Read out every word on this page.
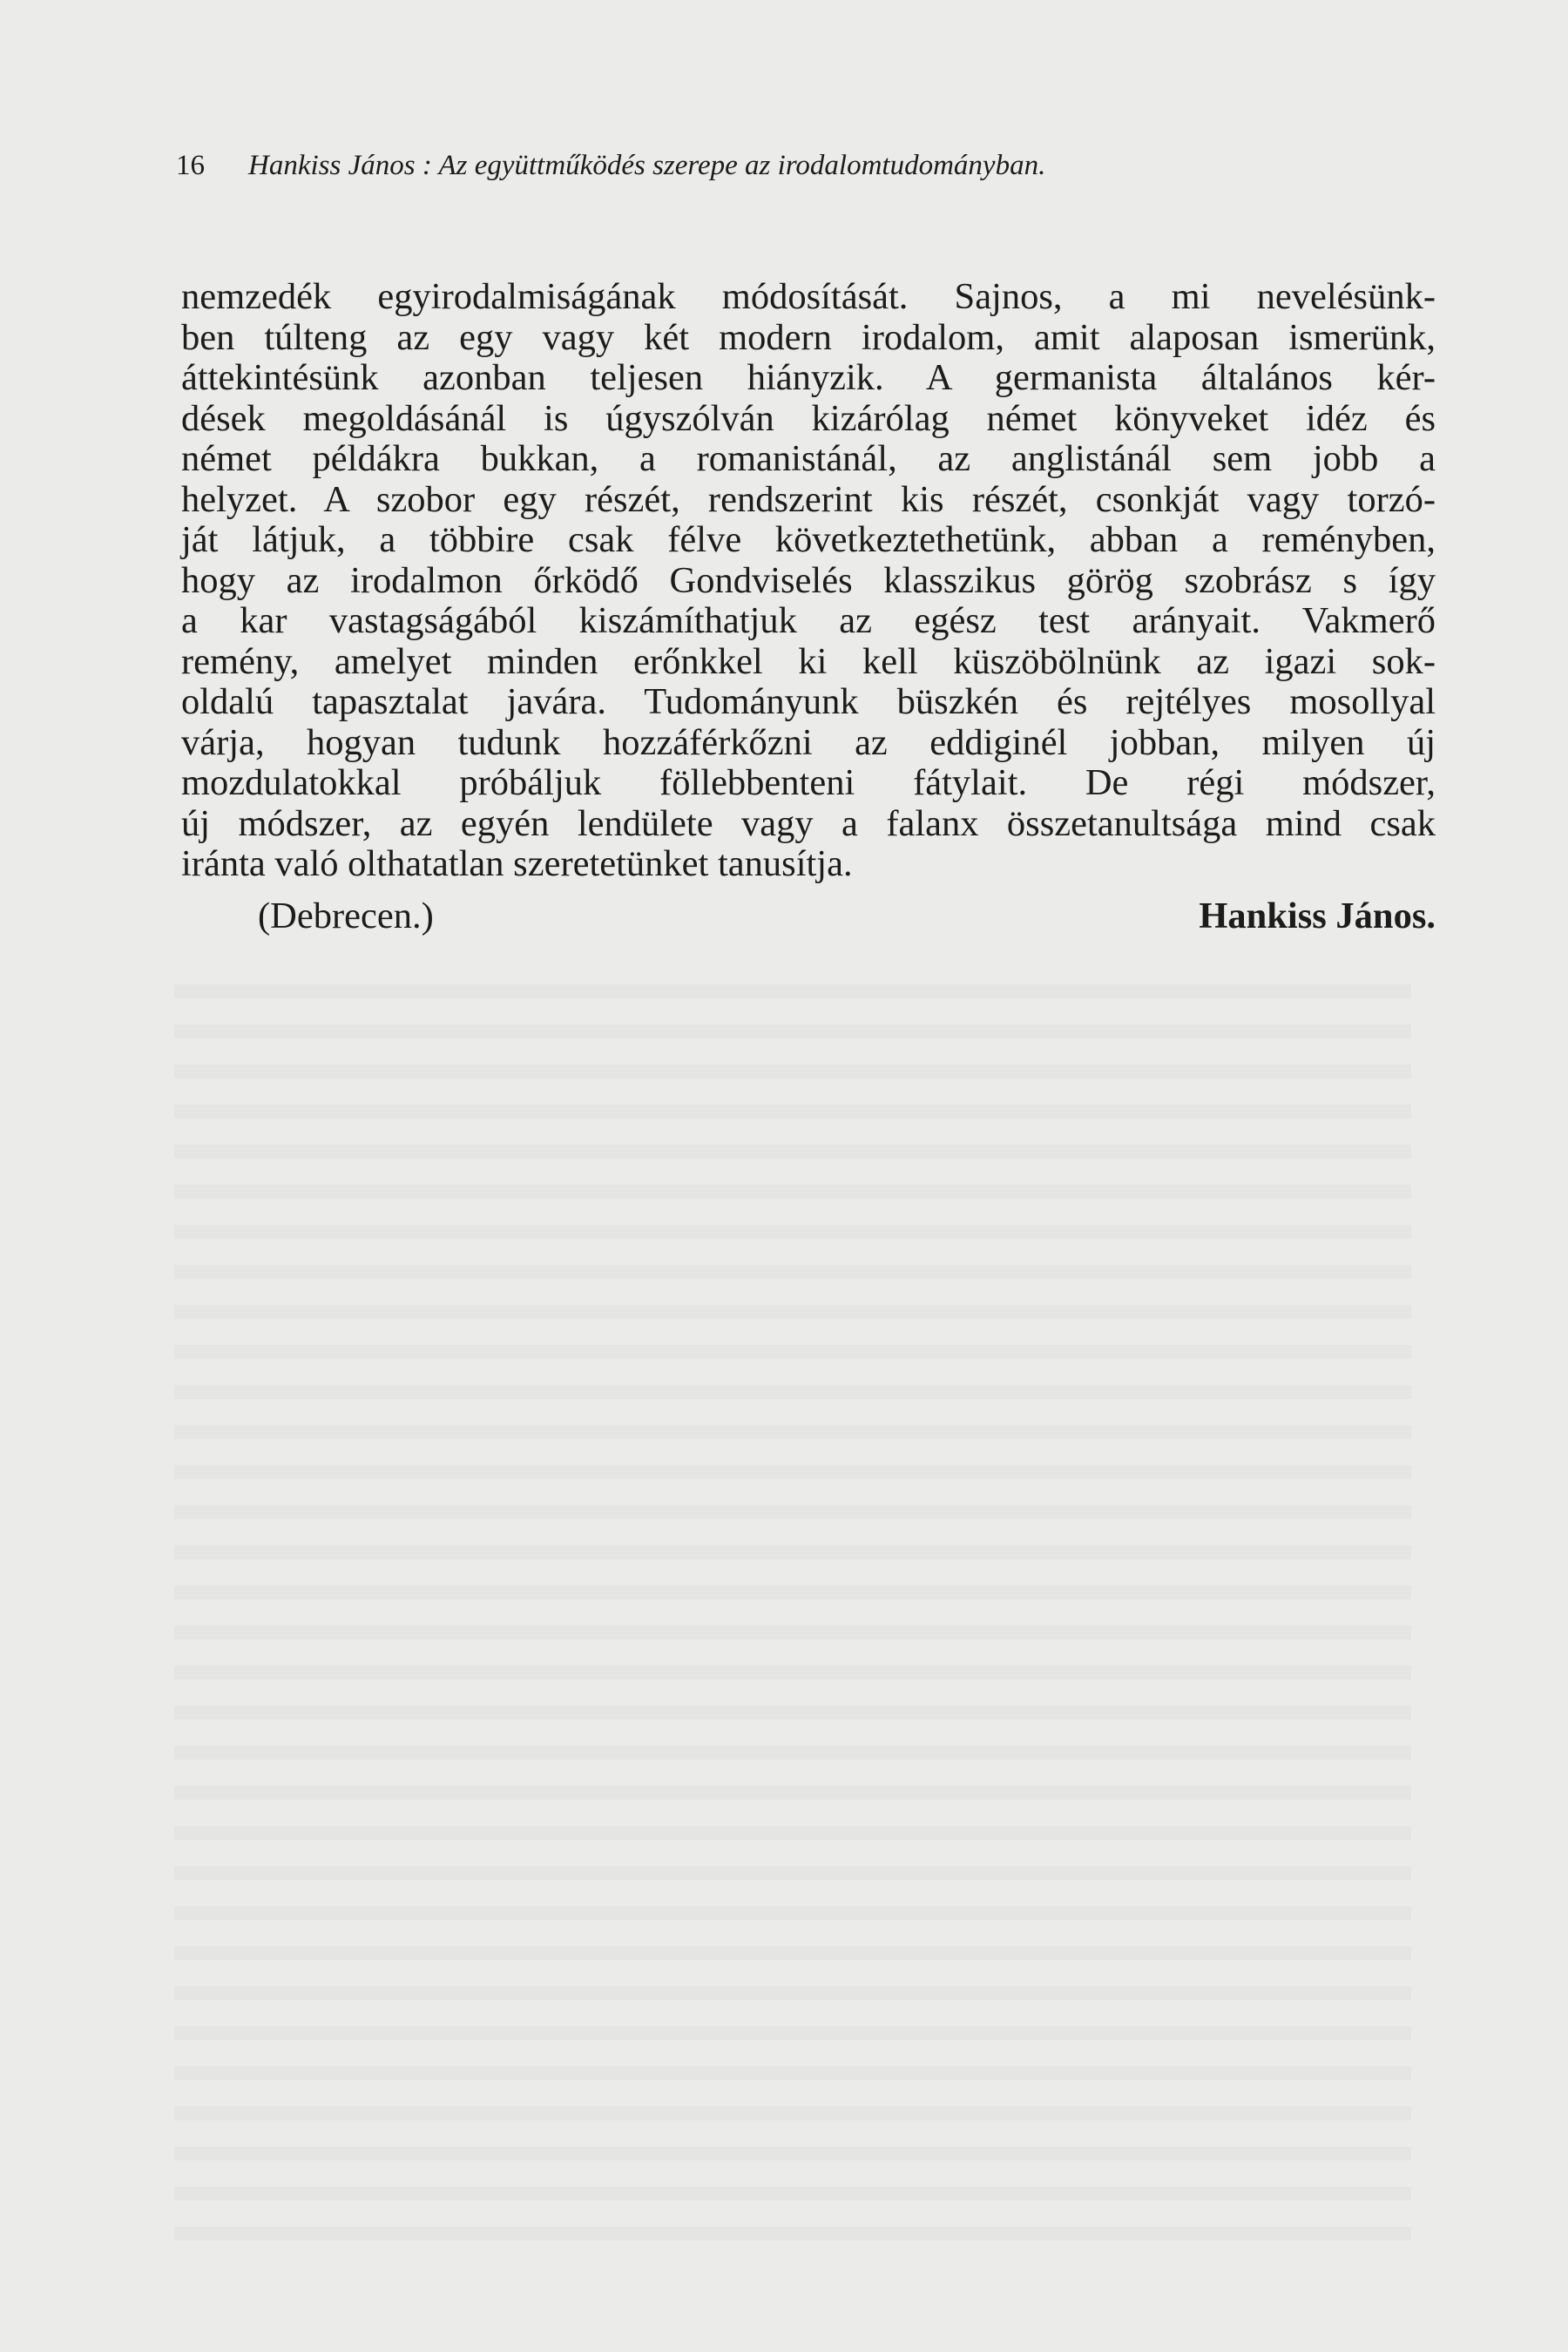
16 Hankiss János : Az együttműködés szerepe az irodalomtudományban.
nemzedék egyirodalmiságának módosítását. Sajnos, a mi nevelésünk-
ben túlteng az egy vagy két modern irodalom, amit alaposan ismerünk,
áttekintésünk azonban teljesen hiányzik. A germanista általános kér-
dések megoldásánál is úgyszólván kizárólag német könyveket idéz és
német példákra bukkan, a romanistánál, az anglistánál sem jobb a
helyzet. A szobor egy részét, rendszerint kis részét, csonkját vagy torzó-
ját látjuk, a többire csak félve következtethetünk, abban a reményben,
hogy az irodalmon őrködő Gondviselés klasszikus görög szobrász s így
a kar vastagságából kiszámíthatjuk az egész test arányait. Vakmerő
remény, amelyet minden erőnkkel ki kell küszöbölnünk az igazi sok-
oldalú tapasztalat javára. Tudományunk büszkén és rejtélyes mosollyal
várja, hogyan tudunk hozzáférkőzni az eddiginél jobban, milyen új
mozdulatokkal próbáljuk föllebbenteni fátylait. De régi módszer,
új módszer, az egyén lendülete vagy a falanx összetanultsága mind csak
iránta való olthatatlan szeretetünket tanusítja.
(Debrecen.)	Hankiss János.
